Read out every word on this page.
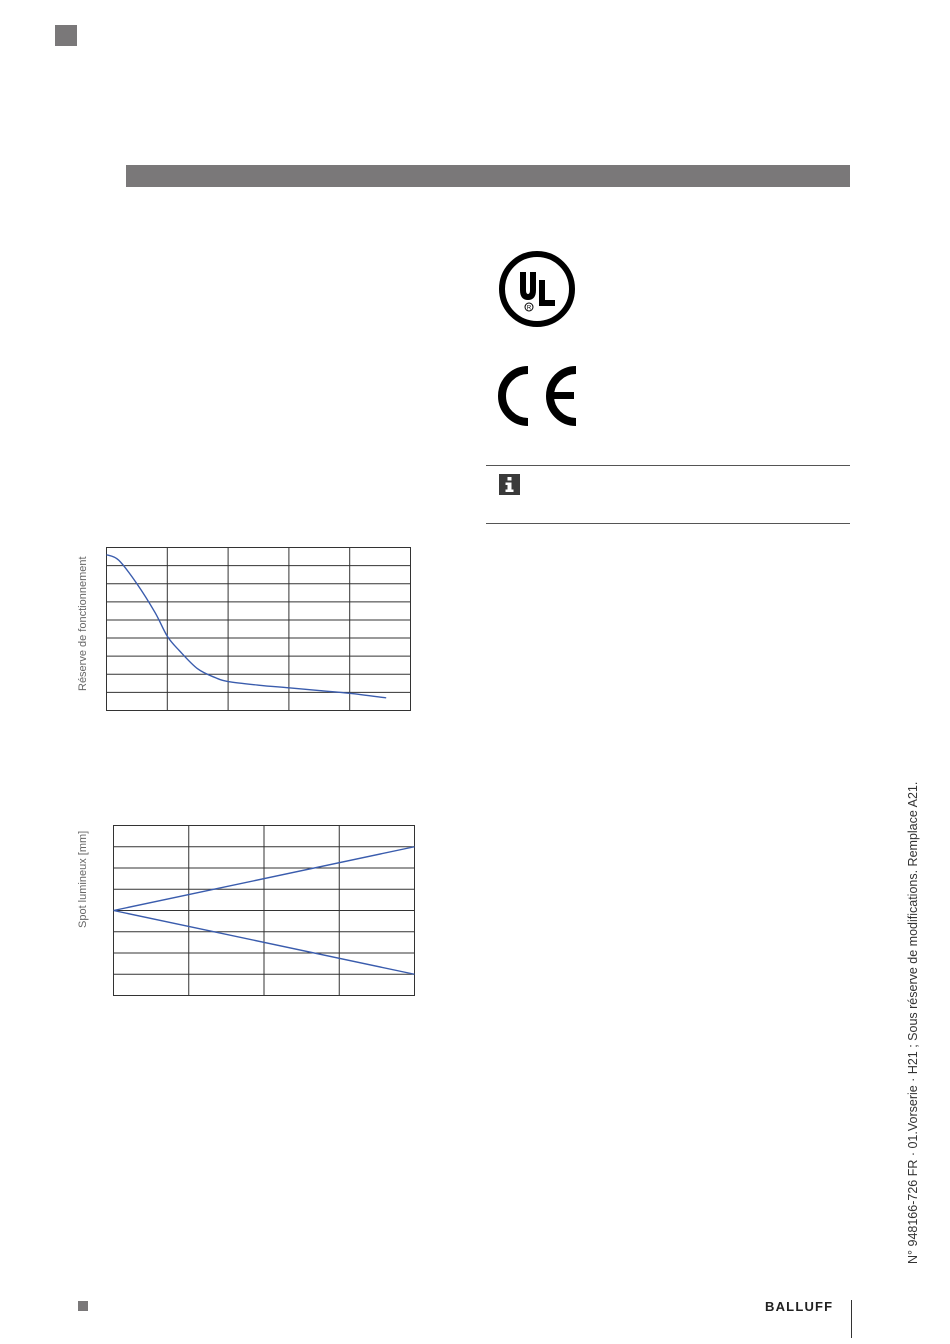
R
Réserve de fonctionnement
Spot lumineux [mm]	N° 948166-726 FR · 01.Vorserie · H21 ; Sous réserve de modifications. Remplace A21.
BALLUFF
